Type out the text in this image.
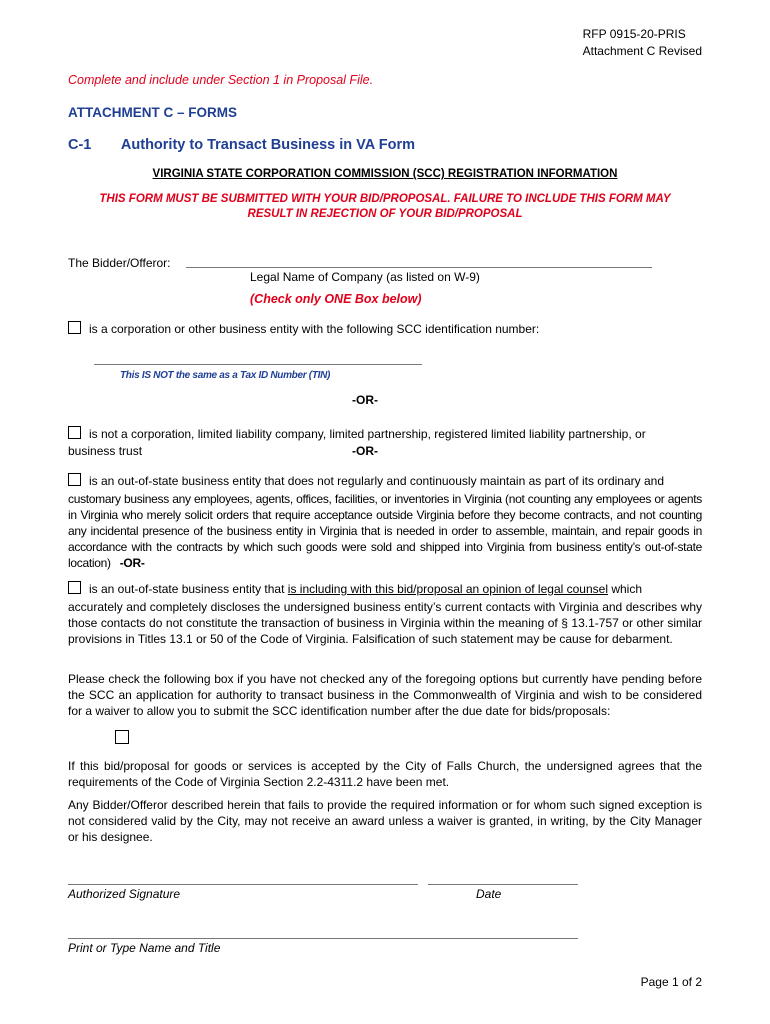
RFP 0915-20-PRIS
Attachment C Revised
Complete and include under Section 1 in Proposal File.
ATTACHMENT C – FORMS
C-1 Authority to Transact Business in VA Form
VIRGINIA STATE CORPORATION COMMISSION (SCC) REGISTRATION INFORMATION
THIS FORM MUST BE SUBMITTED WITH YOUR BID/PROPOSAL. FAILURE TO INCLUDE THIS FORM MAY
RESULT IN REJECTION OF YOUR BID/PROPOSAL
The Bidder/Offeror:
Legal Name of Company (as listed on W-9)
(Check only ONE Box below)
is a corporation or other business entity with the following SCC identification number:
This IS NOT the same as a Tax ID Number (TIN)
-OR-
is not a corporation, limited liability company, limited partnership, registered limited liability partnership, or
business trust	-OR-
is an out-of-state business entity that does not regularly and continuously maintain as part of its ordinary and
customary business any employees, agents, offices, facilities, or inventories in Virginia (not counting any employees or agents in Virginia who merely solicit orders that require acceptance outside Virginia before they become contracts, and not counting any incidental presence of the business entity in Virginia that is needed in order to assemble, maintain, and repair goods in accordance with the contracts by which such goods were sold and shipped into Virginia from business entity’s out-of-state location) -OR-
is an out-of-state business entity that is including with this bid/proposal an opinion of legal counsel which
accurately and completely discloses the undersigned business entity’s current contacts with Virginia and describes why those contacts do not constitute the transaction of business in Virginia within the meaning of § 13.1-757 or other similar provisions in Titles 13.1 or 50 of the Code of Virginia. Falsification of such statement may be cause for debarment.
Please check the following box if you have not checked any of the foregoing options but currently have pending before the SCC an application for authority to transact business in the Commonwealth of Virginia and wish to be considered for a waiver to allow you to submit the SCC identification number after the due date for bids/proposals:
If this bid/proposal for goods or services is accepted by the City of Falls Church, the undersigned agrees that the requirements of the Code of Virginia Section 2.2-4311.2 have been met.
Any Bidder/Offeror described herein that fails to provide the required information or for whom such signed exception is not considered valid by the City, may not receive an award unless a waiver is granted, in writing, by the City Manager or his designee.
Authorized Signature	Date
Print or Type Name and Title
Page 1 of 2
